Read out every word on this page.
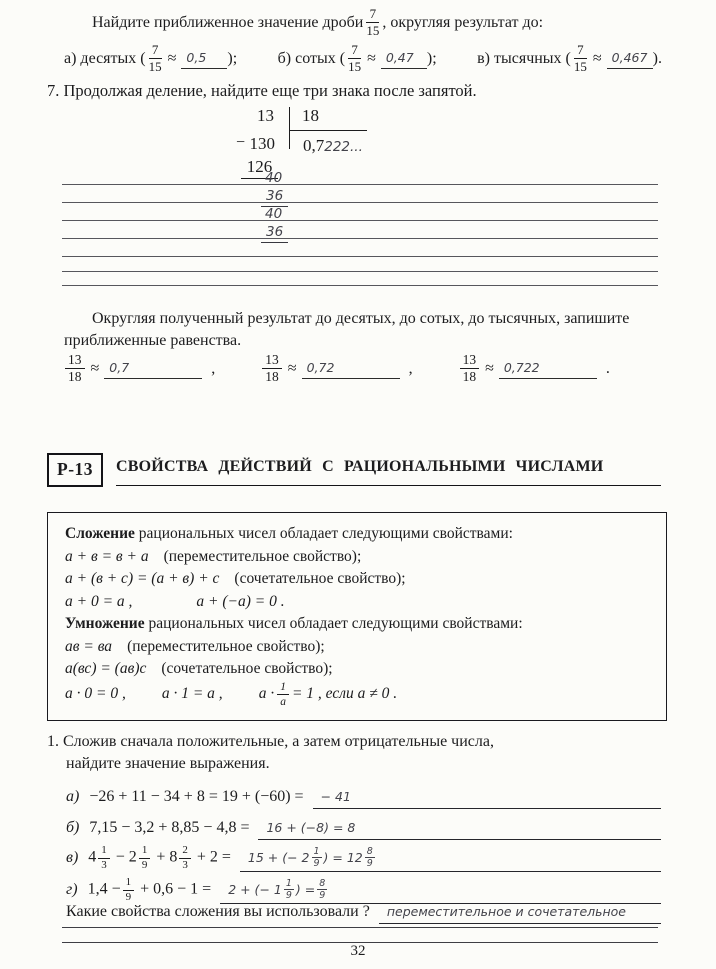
Найдите приближенное значение дроби $\frac{7}{15}$ , округляя результат до:
а) десятых ( $\frac{7}{15} \approx 0,5$	);	б) сотых ( $\frac{7}{15} \approx 0,47$ );	в) тысячных ( $\frac{7}{15} \approx 0,467$ ).
7. Продолжая деление, найдите еще три знака после запятой.
13 18
− 130 0,7222...
126
40
36
40
36

Округляя полученный результат до десятых, до сотых, до тысячных, запишите приближенные равенства.

$\frac{13}{18} \approx 0,7$	,	$\frac{13}{18} \approx 0,72$	,	$\frac{13}{18} \approx 0,722$	.
Р-13	СВОЙСТВА ДЕЙСТВИЙ С РАЦИОНАЛЬНЫМИ ЧИСЛАМИ

Сложение рациональных чисел обладает следующими свойствами:

а + в = в + а (переместительное свойство);

а + (в + с) = (а + в) + с (сочетательное свойство);

а + 0 = а ,	а + (−а) = 0 .

Умножение рациональных чисел обладает следующими свойствами:

ав = ва (переместительное свойство);

а(вс) = (ав)с (сочетательное свойство);

а · 0 = 0 , а · 1 = а , $а \cdot \frac{1}{а} = 1$ , если а ≠ 0 .

1. Сложив сначала положительные, а затем отрицательные числа,
найдите значение выражения.
а) −26 + 11 − 34 + 8 = 19 + (−60) =	− 41
б) 7,15 − 3,2 + 8,85 − 4,8 =	16 + (−8) = 8
в) $4 \frac{1}{3} - 2 \frac{1}{9} + 8 \frac{2}{3} + 2$ =	15 + (− $2 \frac{1}{9}$ ) = $12 \frac{8}{9}$
г) $1,4 - \frac{1}{9} + 0,6 - 1$ =	2 + (− $1 \frac{1}{9}$ ) = $\frac{8}{9}$
Какие свойства сложения вы использовали ?	переместительное и сочетательное
32
